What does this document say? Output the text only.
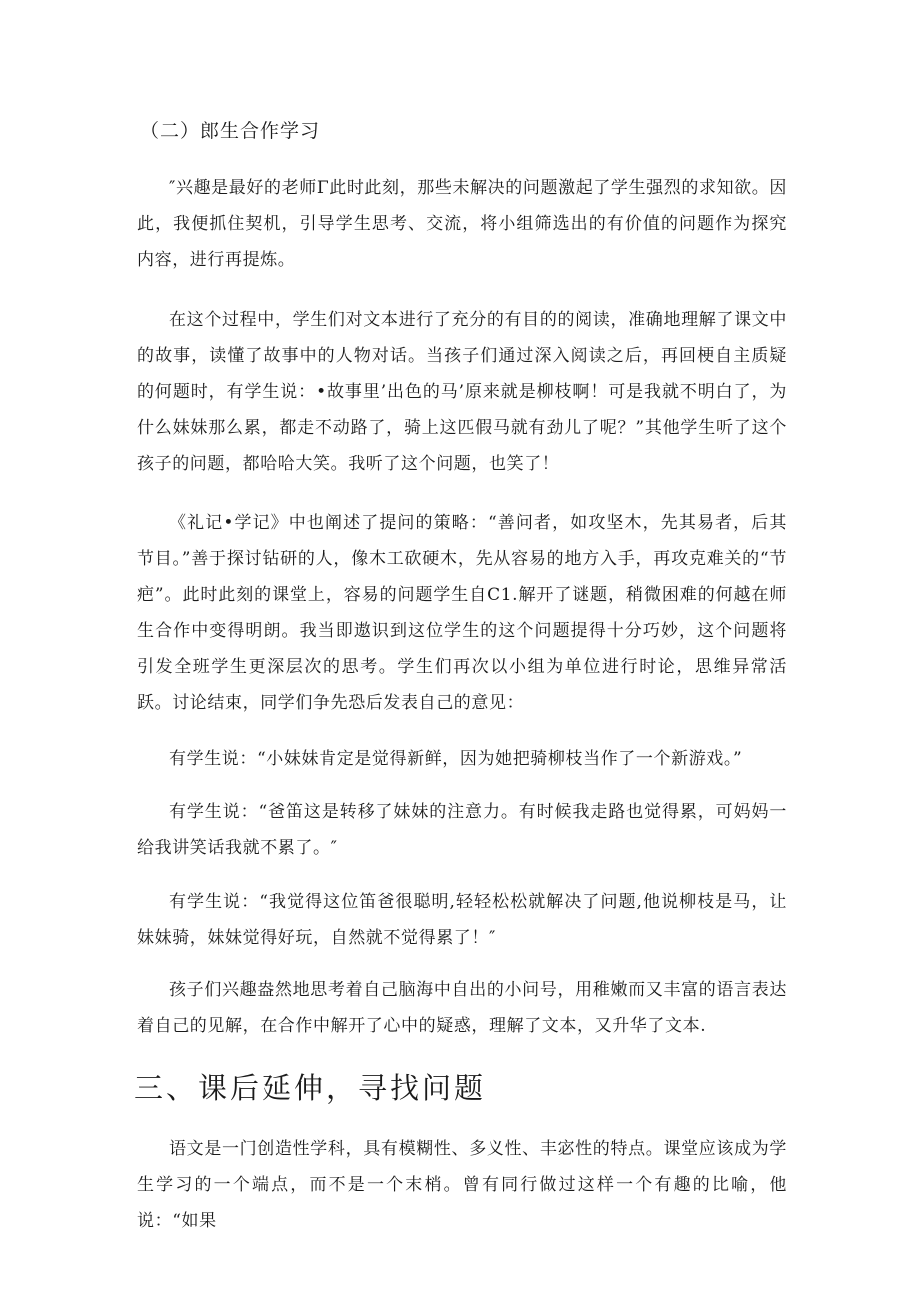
（二）郎生合作学习

″兴趣是最好的老师Γ此时此刻，那些未解决的问题激起了学生强烈的求知欲。因此，我便抓住契机，引导学生思考、交流，将小组筛选出的有价值的问题作为探究内容，进行再提炼。

在这个过程中，学生们对文本进行了充分的有目的的阅读，准确地理解了课文中的故事，读懂了故事中的人物对话。当孩子们通过深入阅读之后，再回梗自主质疑的何题时，有学生说：•故事里’出色的马’原来就是柳枝啊！可是我就不明白了，为什么妹妹那么累，都走不动路了，骑上这匹假马就有劲儿了呢？”其他学生听了这个孩子的问题，都哈哈大笑。我听了这个问题，也笑了！

《礼记•学记》中也阐述了提问的策略：“善问者，如攻坚木，先其易者，后其节目。”善于探讨钻研的人，像木工砍硬木，先从容易的地方入手，再攻克难关的“节疤”。此时此刻的课堂上，容易的问题学生自C1.解开了谜题，稍微困难的何越在师生合作中变得明朗。我当即遨识到这位学生的这个问题提得十分巧妙，这个问题将引发全班学生更深层次的思考。学生们再次以小组为单位进行时论，思维异常活跃。讨论结束，同学们争先恐后发表自己的意见：

有学生说：“小妹妹肯定是觉得新鲜，因为她把骑柳枝当作了一个新游戏。”

有学生说：“爸笛这是转移了妹妹的注意力。有时候我走路也觉得累，可妈妈一给我讲笑话我就不累了。″

有学生说：“我觉得这位笛爸很聪明,轻轻松松就解决了问题,他说柳枝是马，让妹妹骑，妹妹觉得好玩，自然就不觉得累了！″

孩子们兴趣盎然地思考着自己脑海中自出的小问号，用稚嫩而又丰富的语言表达着自己的见解，在合作中解开了心中的疑惑，理解了文本，又升华了文本.

三、课后延伸，寻找问题

语文是一门创造性学科，具有模糊性、多义性、丰宓性的特点。课堂应该成为学生学习的一个端点，而不是一个末梢。曾有同行做过这样一个有趣的比喻，他说：“如果
